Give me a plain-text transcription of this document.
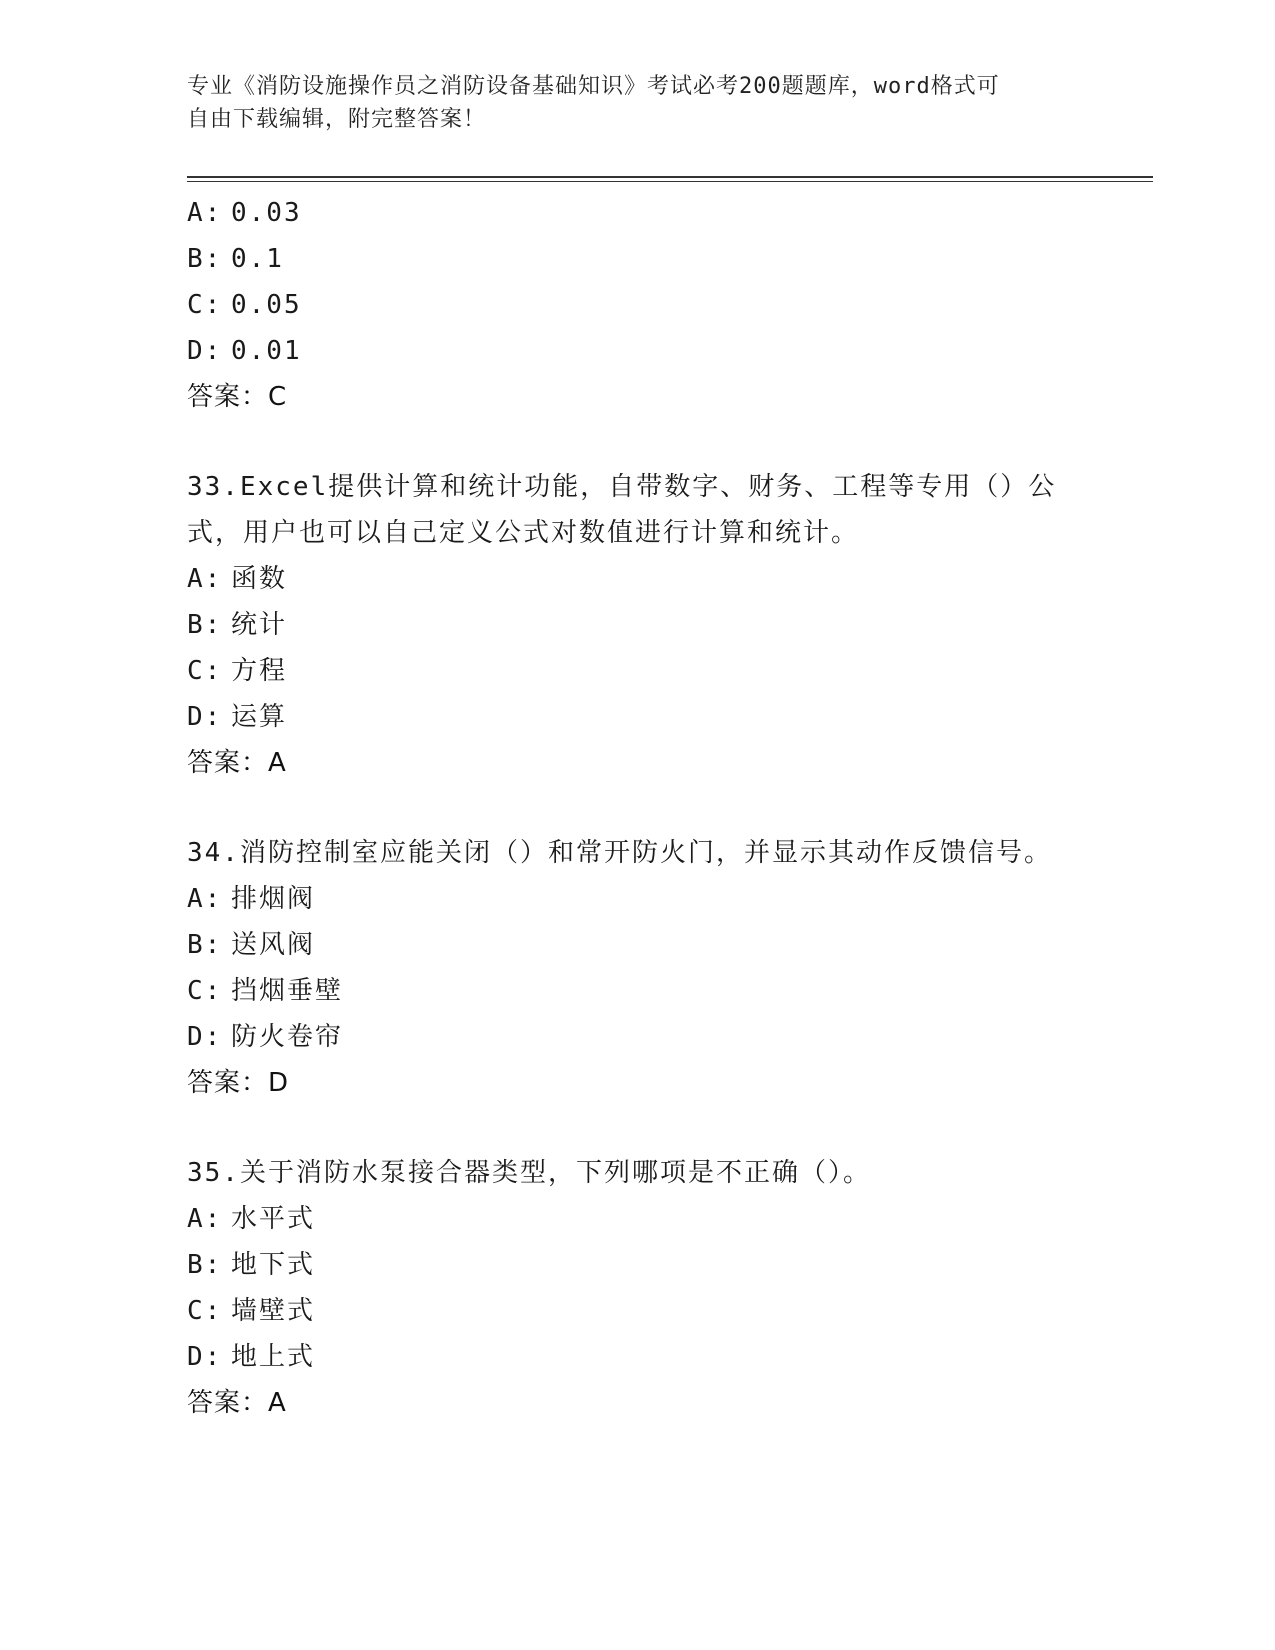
专业《消防设施操作员之消防设备基础知识》考试必考200题题库，word格式可
自由下载编辑，附完整答案！
A: 0.03
B: 0.1
C: 0.05
D: 0.01
答案：C
33.Excel提供计算和统计功能，自带数字、财务、工程等专用（）公
式，用户也可以自己定义公式对数值进行计算和统计。
A: 函数
B: 统计
C: 方程
D: 运算
答案：A
34.消防控制室应能关闭（）和常开防火门，并显示其动作反馈信号。
A: 排烟阀
B: 送风阀
C: 挡烟垂壁
D: 防火卷帘
答案：D
35.关于消防水泵接合器类型，下列哪项是不正确（）。
A: 水平式
B: 地下式
C: 墙壁式
D: 地上式
答案：A
